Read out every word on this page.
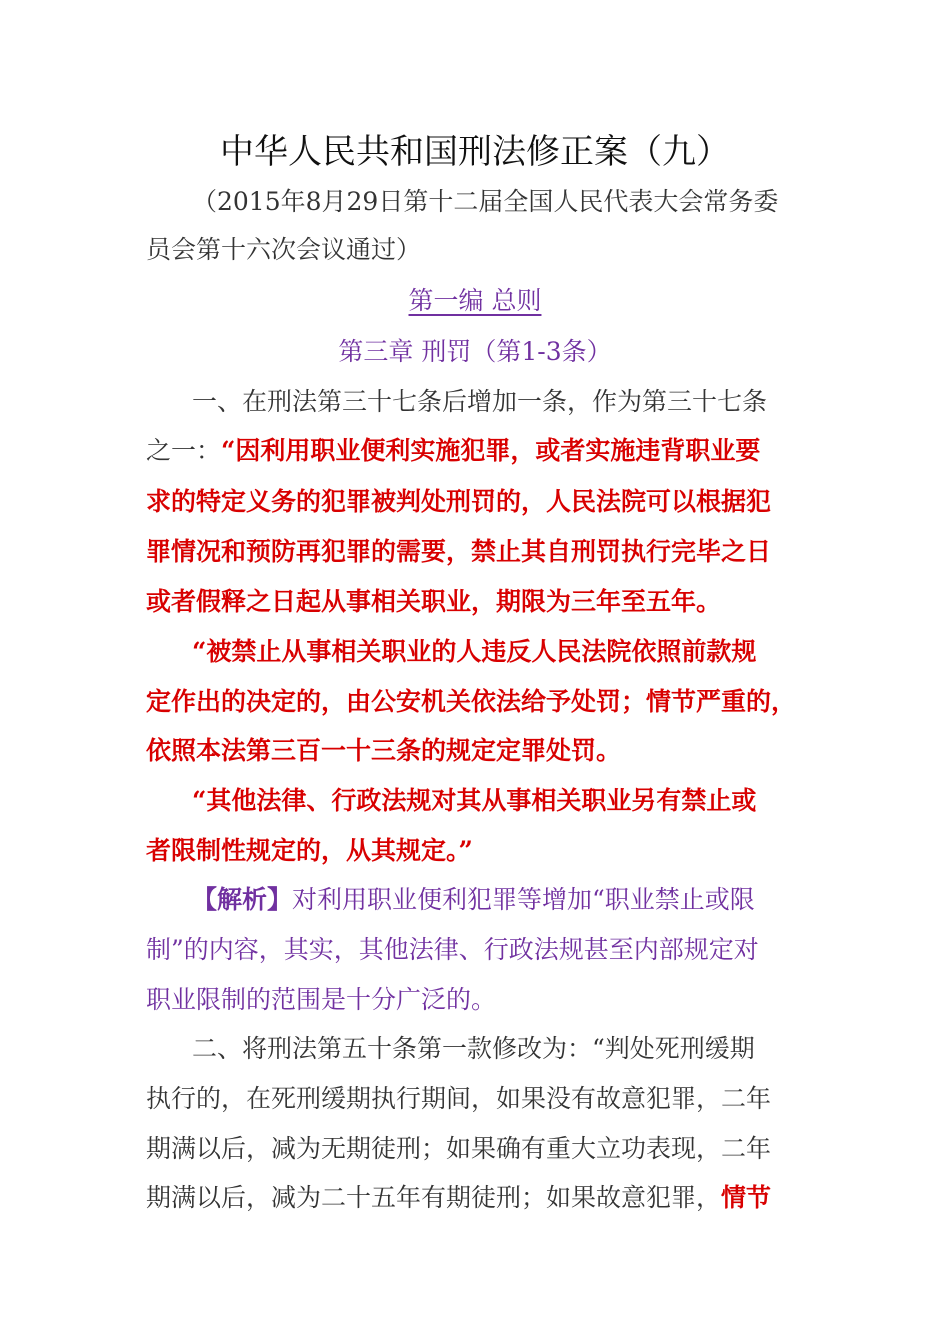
中华人民共和国刑法修正案（九）
（2015年8月29日第十二届全国人民代表大会常务委
员会第十六次会议通过）
第一编 总则
第三章 刑罚（第1-3条）
一、在刑法第三十七条后增加一条，作为第三十七条
之一：“因利用职业便利实施犯罪，或者实施违背职业要
求的特定义务的犯罪被判处刑罚的，人民法院可以根据犯
罪情况和预防再犯罪的需要，禁止其自刑罚执行完毕之日
或者假释之日起从事相关职业，期限为三年至五年。
“被禁止从事相关职业的人违反人民法院依照前款规
定作出的决定的，由公安机关依法给予处罚；情节严重的，
依照本法第三百一十三条的规定定罪处罚。
“其他法律、行政法规对其从事相关职业另有禁止或
者限制性规定的，从其规定。”
【解析】对利用职业便利犯罪等增加“职业禁止或限
制”的内容，其实，其他法律、行政法规甚至内部规定对
职业限制的范围是十分广泛的。
二、将刑法第五十条第一款修改为：“判处死刑缓期
执行的，在死刑缓期执行期间，如果没有故意犯罪，二年
期满以后，减为无期徒刑；如果确有重大立功表现，二年
期满以后，减为二十五年有期徒刑；如果故意犯罪，情节
